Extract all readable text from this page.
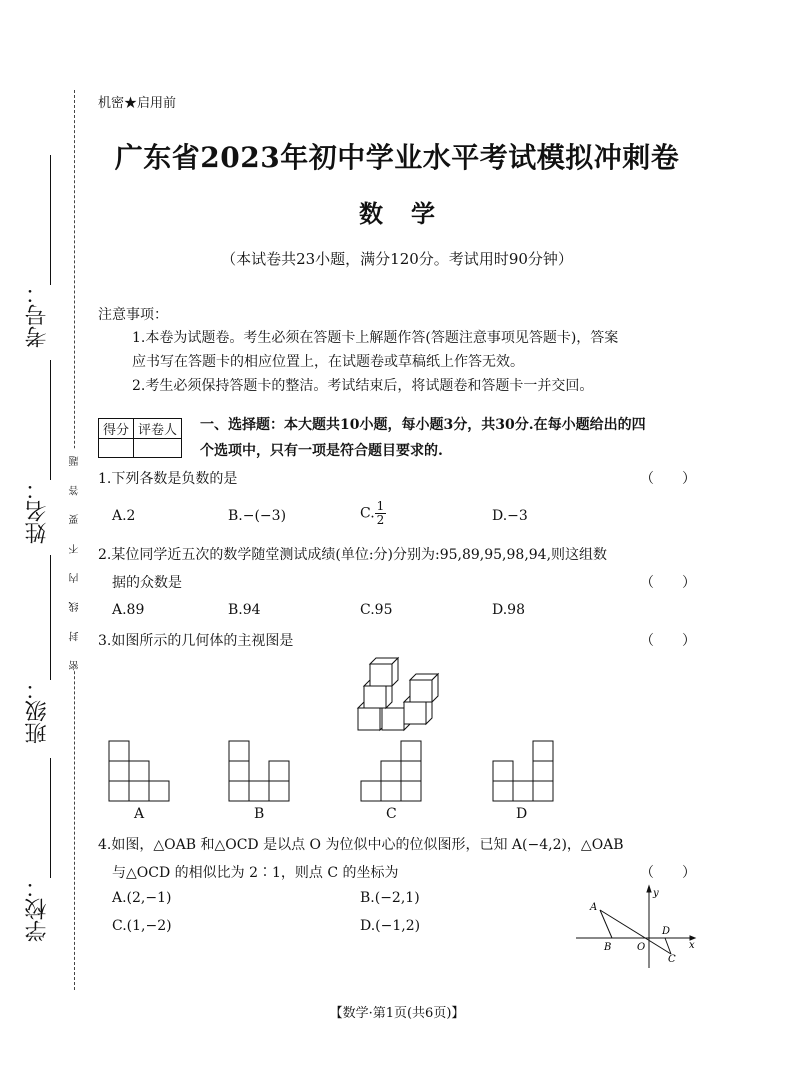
密 封 线 内 不 要 答 题
考号：
姓名：
班级：
学校：
机密★启用前
广东省2023年初中学业水平考试模拟冲刺卷
数学
（本试卷共23小题，满分120分。考试用时90分钟）
注意事项：
1.本卷为试题卷。考生必须在答题卡上解题作答(答题注意事项见答题卡)，答案
应书写在答题卡的相应位置上，在试题卷或草稿纸上作答无效。
2.考生必须保持答题卡的整洁。考试结束后，将试题卷和答题卡一并交回。
得分	评卷人
	一、选择题：本大题共10小题，每小题3分，共30分.在每小题给出的四
个选项中，只有一项是符合题目要求的.
1.下列各数是负数的是	（　　）
A.2	B.−(−3)	C. $\frac{1}{2}$	D.−3
2.某位同学近五次的数学随堂测试成绩(单位:分)分别为:95,89,95,98,94,则这组数
据的众数是	（　　）
A.89	B.94	C.95	D.98
3.如图所示的几何体的主视图是	（　　）
A	B	C	D
4.如图，△OAB 和△OCD 是以点 O 为位似中心的位似图形，已知 A(−4,2)，△OAB
与△OCD 的相似比为 2∶1，则点 C 的坐标为	（　　）
A.(2,−1)	B.(−2,1)
C.(1,−2)	D.(−1,2)
A
B	O
C
D
x
y
【数学·第1页(共6页)】
